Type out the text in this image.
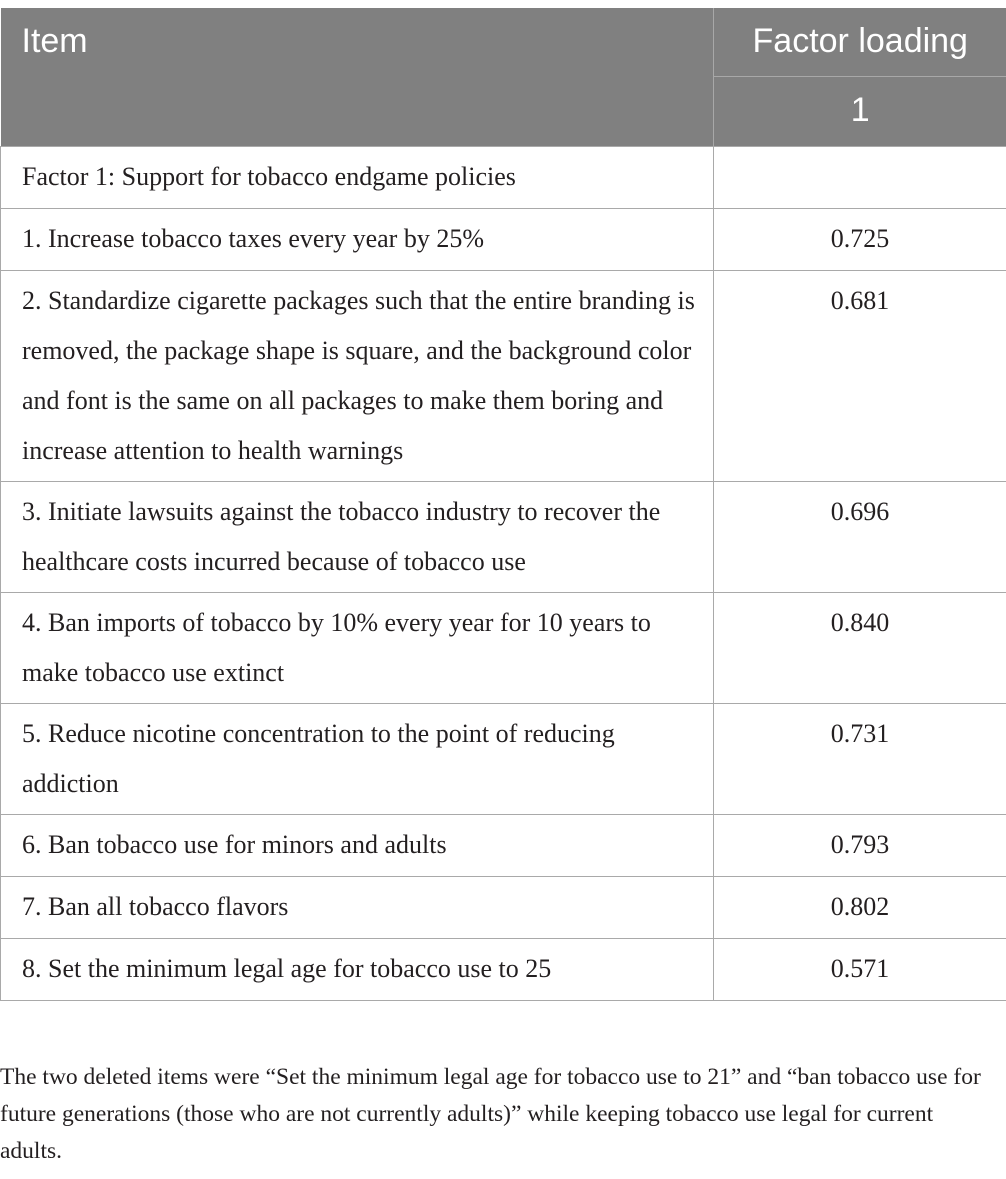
Item	Factor loading
	1
Factor 1: Support for tobacco endgame policies	
1. Increase tobacco taxes every year by 25%	0.725
2. Standardize cigarette packages such that the entire branding is removed, the package shape is square, and the background color and font is the same on all packages to make them boring and increase attention to health warnings	0.681
3. Initiate lawsuits against the tobacco industry to recover the healthcare costs incurred because of tobacco use	0.696
4. Ban imports of tobacco by 10% every year for 10 years to make tobacco use extinct	0.840
5. Reduce nicotine concentration to the point of reducing addiction	0.731
6. Ban tobacco use for minors and adults	0.793
7. Ban all tobacco flavors	0.802
8. Set the minimum legal age for tobacco use to 25	0.571
The two deleted items were “Set the minimum legal age for tobacco use to 21” and “ban tobacco use for future generations (those who are not currently adults)” while keeping tobacco use legal for current adults.
